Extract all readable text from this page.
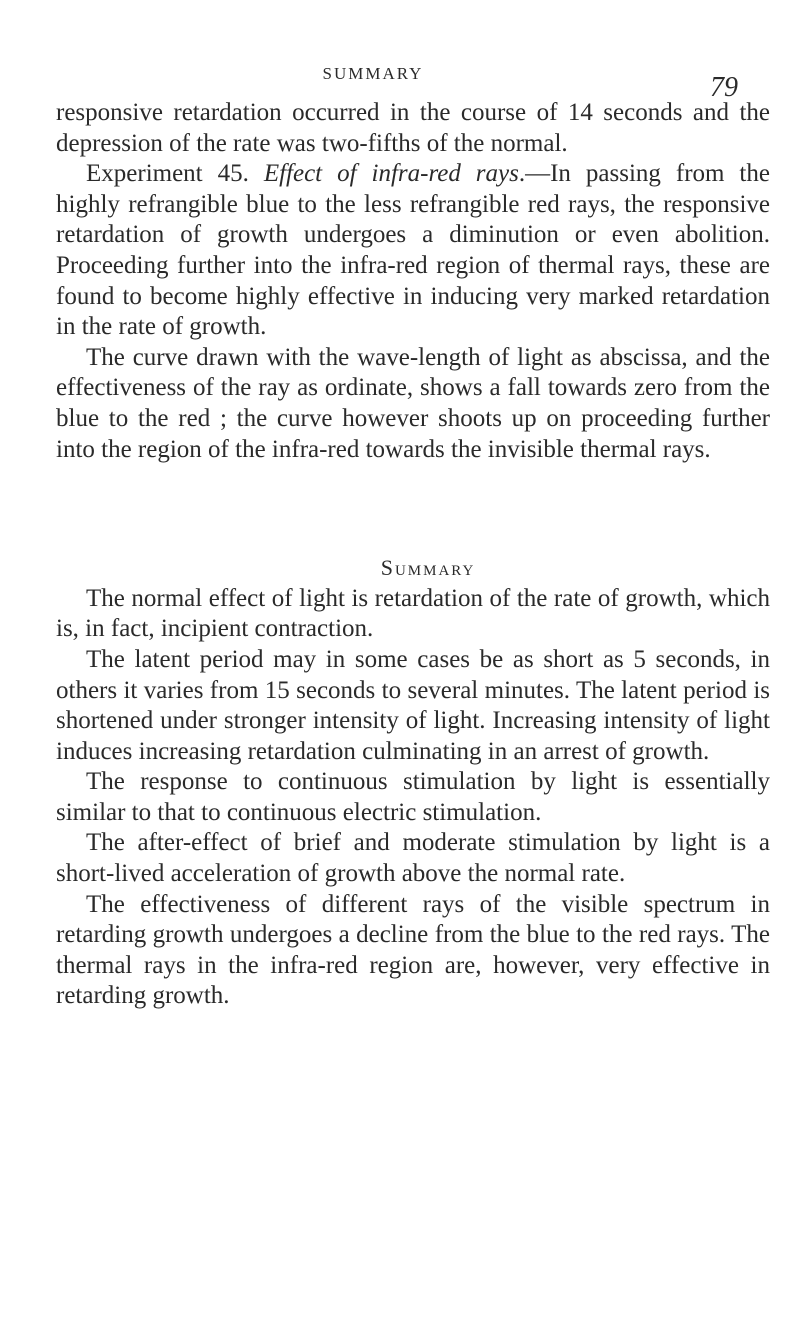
SUMMARY	79

responsive retardation occurred in the course of 14 seconds and the depression of the rate was two-fifths of the normal.

Experiment 45. Effect of infra-red rays.—In passing from the highly refrangible blue to the less refrangible red rays, the responsive retardation of growth undergoes a diminution or even abolition. Proceeding further into the infra-red region of thermal rays, these are found to become highly effective in inducing very marked retardation in the rate of growth.

The curve drawn with the wave-length of light as abscissa, and the effectiveness of the ray as ordinate, shows a fall towards zero from the blue to the red ; the curve however shoots up on proceeding further into the region of the infra-red towards the invisible thermal rays.

Summary

The normal effect of light is retardation of the rate of growth, which is, in fact, incipient contraction.

The latent period may in some cases be as short as 5 seconds, in others it varies from 15 seconds to several minutes. The latent period is shortened under stronger intensity of light. Increasing intensity of light induces increasing retardation culminating in an arrest of growth.

The response to continuous stimulation by light is essentially similar to that to continuous electric stimulation.

The after-effect of brief and moderate stimulation by light is a short-lived acceleration of growth above the normal rate.

The effectiveness of different rays of the visible spectrum in retarding growth undergoes a decline from the blue to the red rays. The thermal rays in the infra-red region are, however, very effective in retarding growth.
